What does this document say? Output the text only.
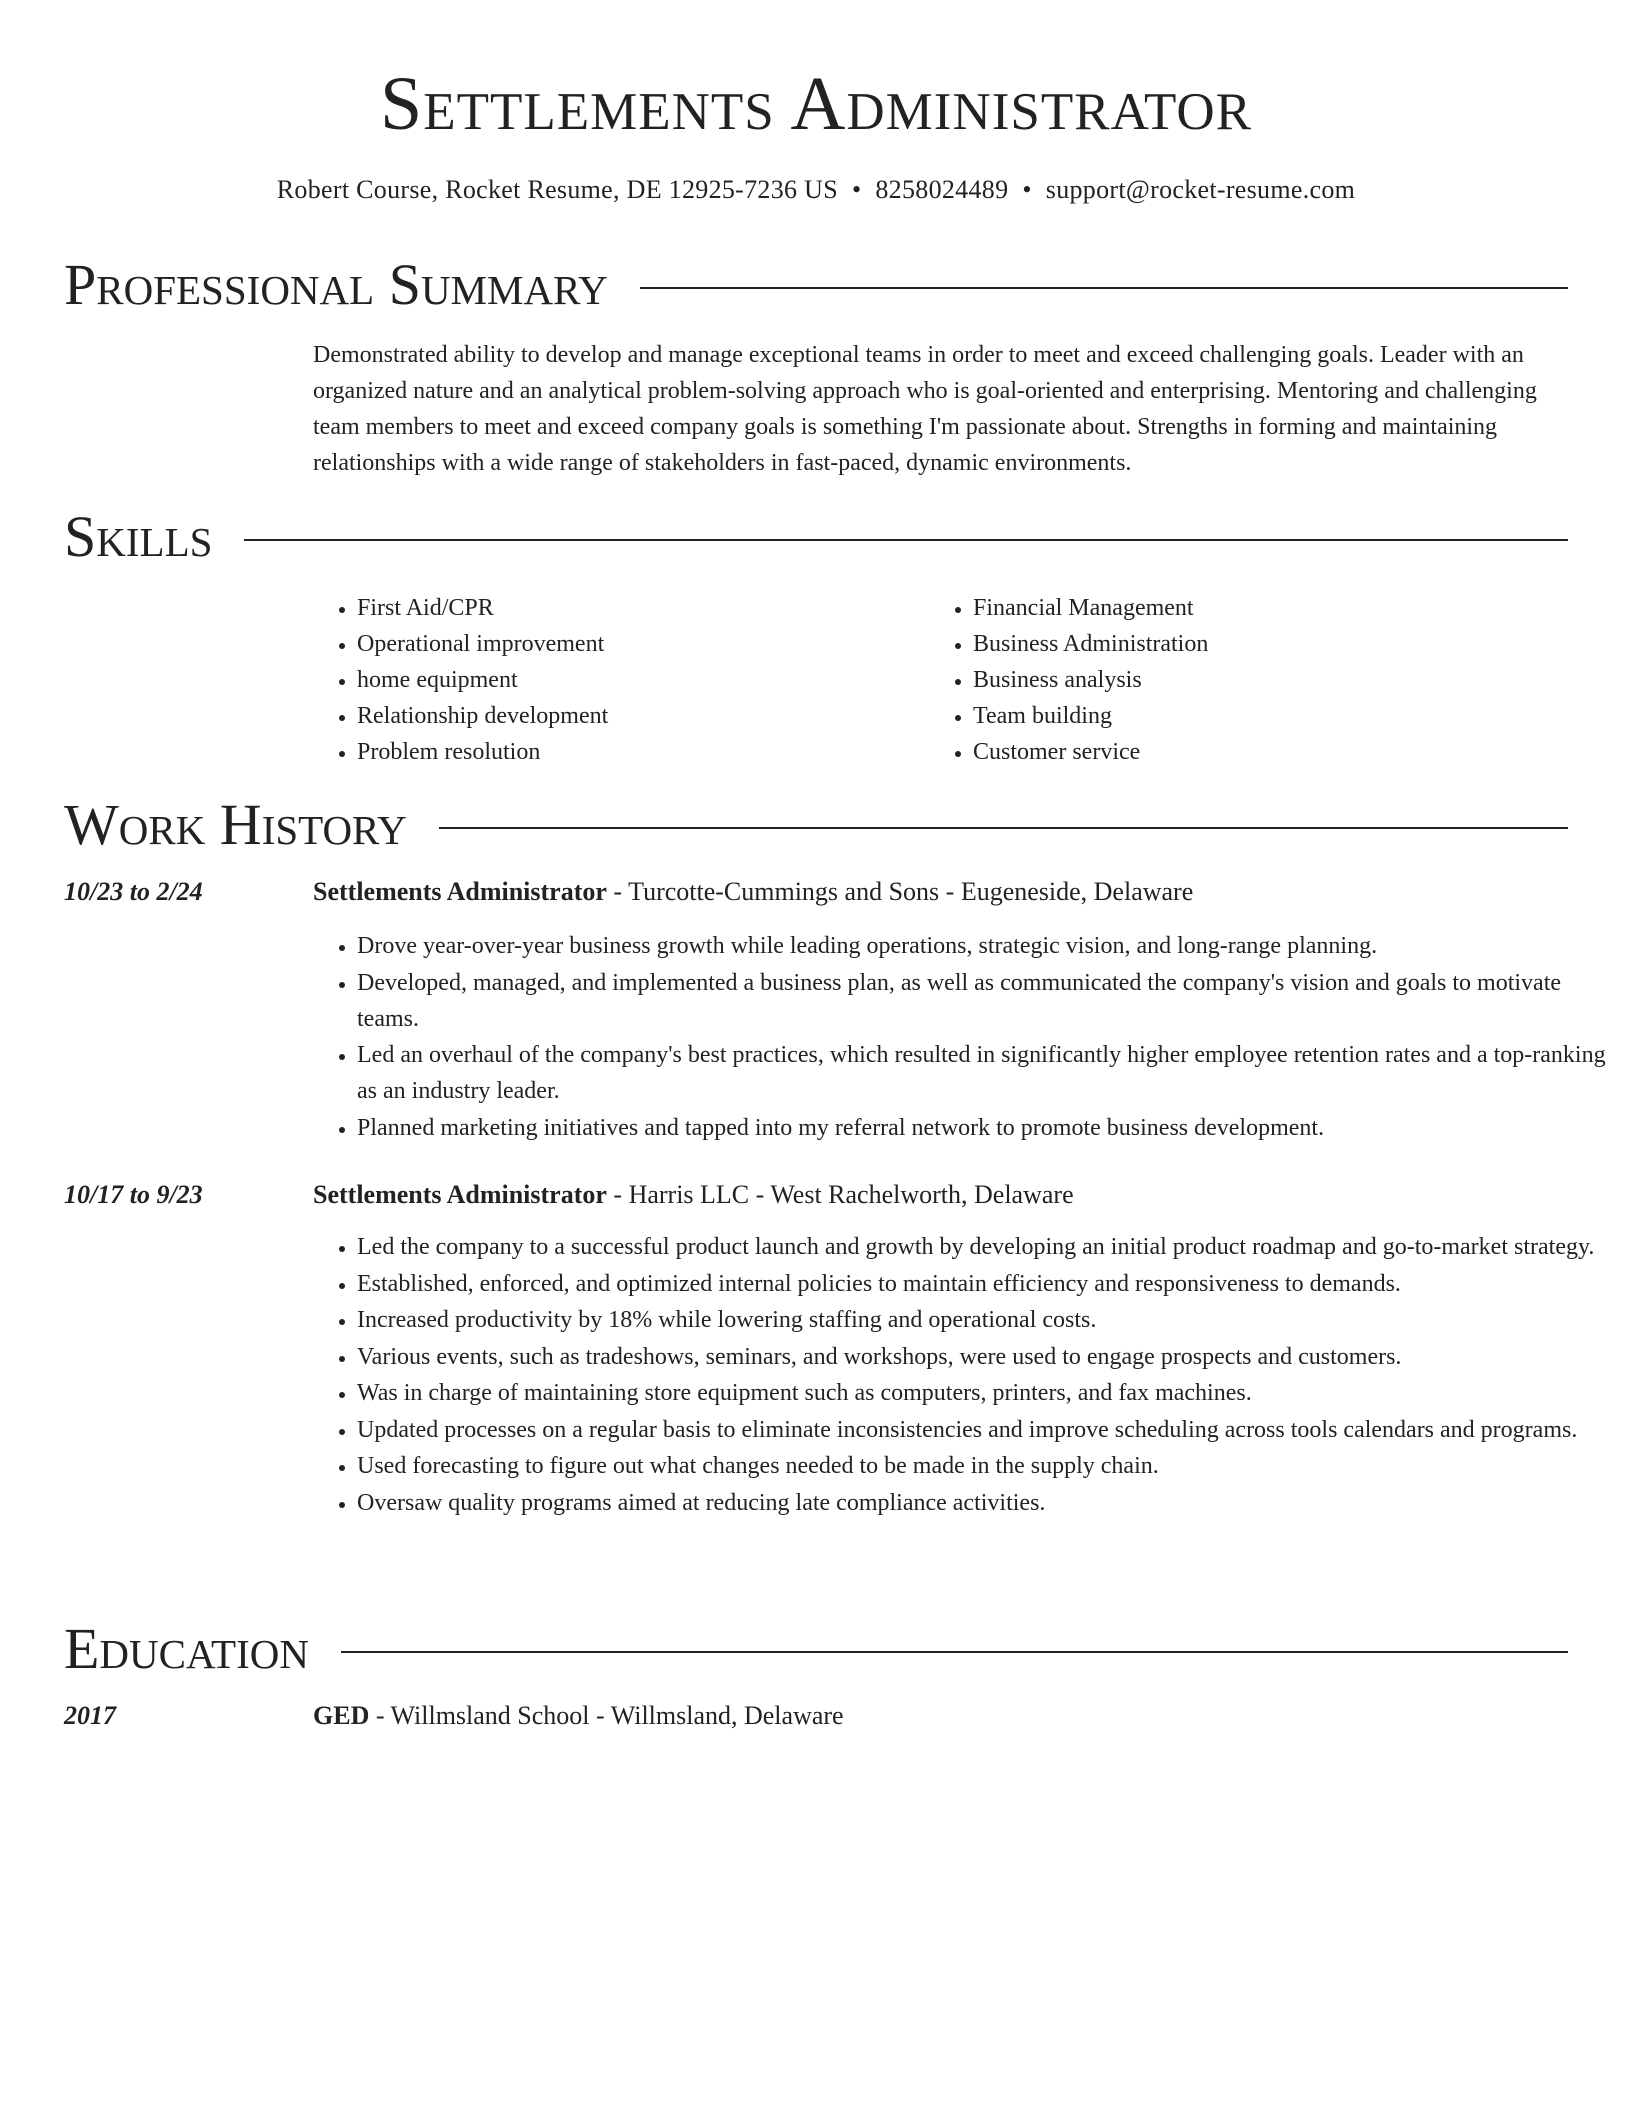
Settlements Administrator
Robert Course, Rocket Resume, DE 12925-7236 US • 8258024489 • support@rocket-resume.com
Professional Summary

Demonstrated ability to develop and manage exceptional teams in order to meet and exceed challenging goals. Leader with an organized nature and an analytical problem-solving approach who is goal-oriented and enterprising. Mentoring and challenging team members to meet and exceed company goals is something I'm passionate about. Strengths in forming and maintaining relationships with a wide range of stakeholders in fast-paced, dynamic environments.

Skills
• First Aid/CPR
• Operational improvement
• home equipment
• Relationship development
• Problem resolution
• Financial Management
• Business Administration
• Business analysis
• Team building
• Customer service
Work History
10/23 to 2/24	Settlements Administrator - Turcotte-Cummings and Sons - Eugeneside, Delaware
• Drove year-over-year business growth while leading operations, strategic vision, and long-range planning.
• Developed, managed, and implemented a business plan, as well as communicated the company's vision and goals to motivate teams.
• Led an overhaul of the company's best practices, which resulted in significantly higher employee retention rates and a top-ranking as an industry leader.
• Planned marketing initiatives and tapped into my referral network to promote business development.
10/17 to 9/23	Settlements Administrator - Harris LLC - West Rachelworth, Delaware
• Led the company to a successful product launch and growth by developing an initial product roadmap and go-to-market strategy.
• Established, enforced, and optimized internal policies to maintain efficiency and responsiveness to demands.
• Increased productivity by 18% while lowering staffing and operational costs.
• Various events, such as tradeshows, seminars, and workshops, were used to engage prospects and customers.
• Was in charge of maintaining store equipment such as computers, printers, and fax machines.
• Updated processes on a regular basis to eliminate inconsistencies and improve scheduling across tools calendars and programs.
• Used forecasting to figure out what changes needed to be made in the supply chain.
• Oversaw quality programs aimed at reducing late compliance activities.
Education
2017	GED - Willmsland School - Willmsland, Delaware
